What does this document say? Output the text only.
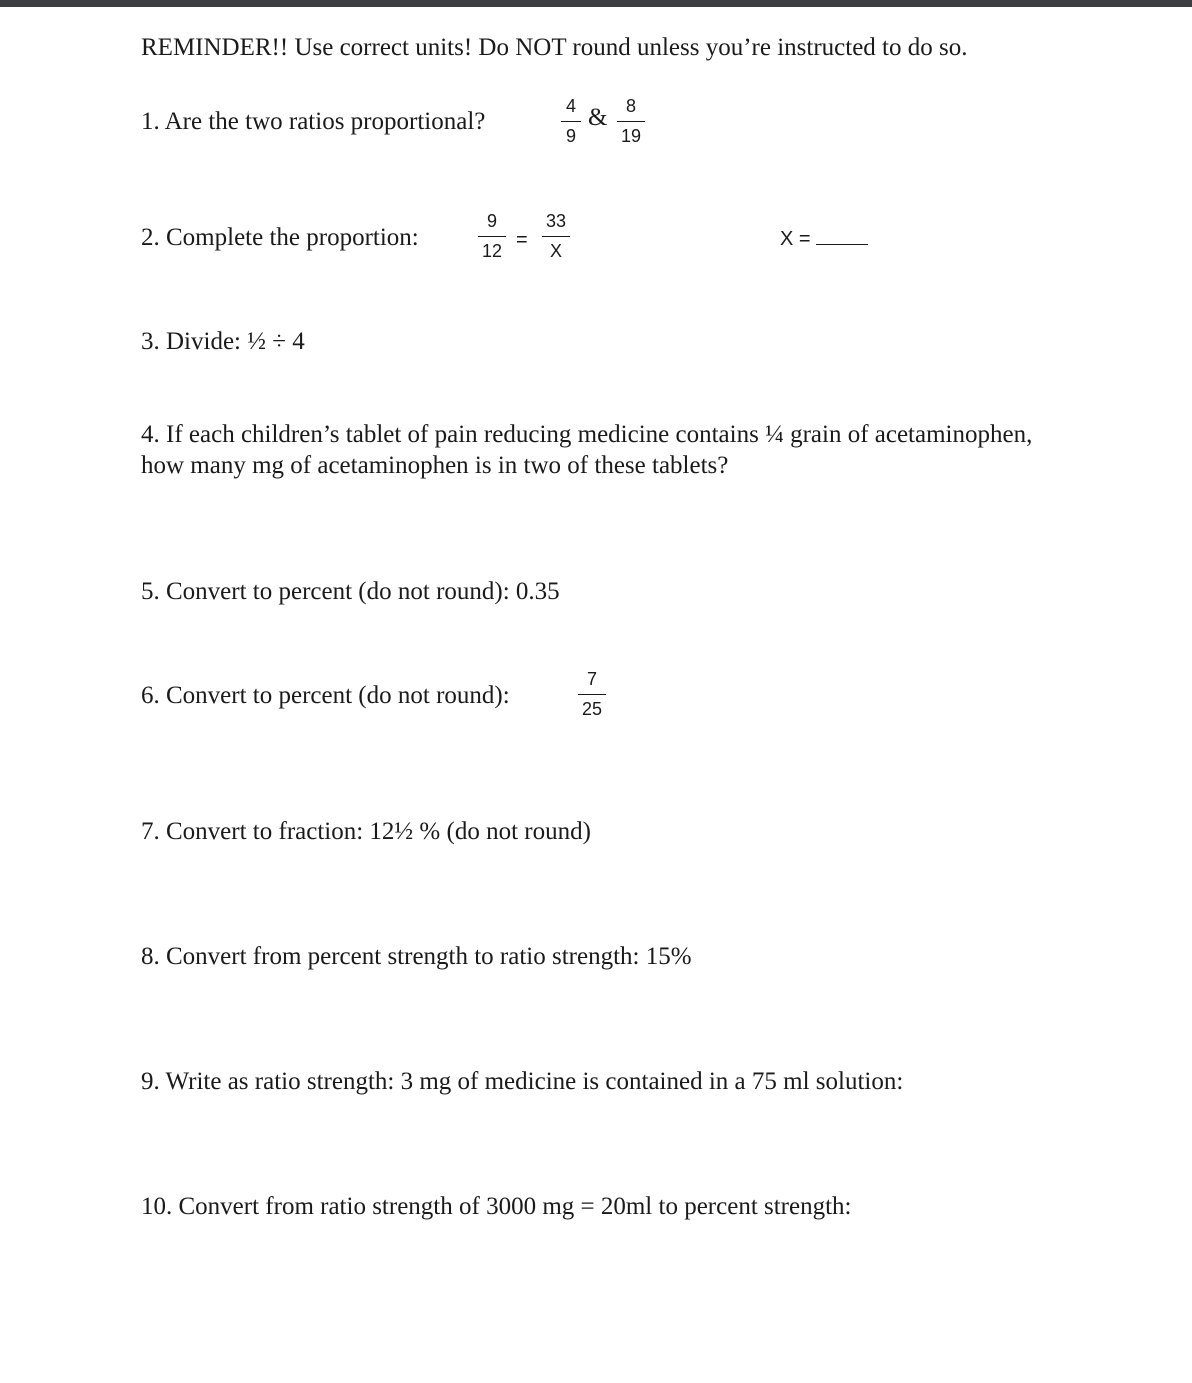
REMINDER!! Use correct units! Do NOT round unless you’re instructed to do so.
1. Are the two ratios proportional?
4
9
&	8
19
2. Complete the proportion:
9
12 =
33
X
X =
3. Divide: ½ ÷ 4
4. If each children’s tablet of pain reducing medicine contains ¼ grain of acetaminophen,
how many mg of acetaminophen is in two of these tablets?
5. Convert to percent (do not round): 0.35
6. Convert to percent (do not round):
7
25
7. Convert to fraction: 12½ % (do not round)
8. Convert from percent strength to ratio strength: 15%
9. Write as ratio strength: 3 mg of medicine is contained in a 75 ml solution:
10. Convert from ratio strength of 3000 mg = 20ml to percent strength:
